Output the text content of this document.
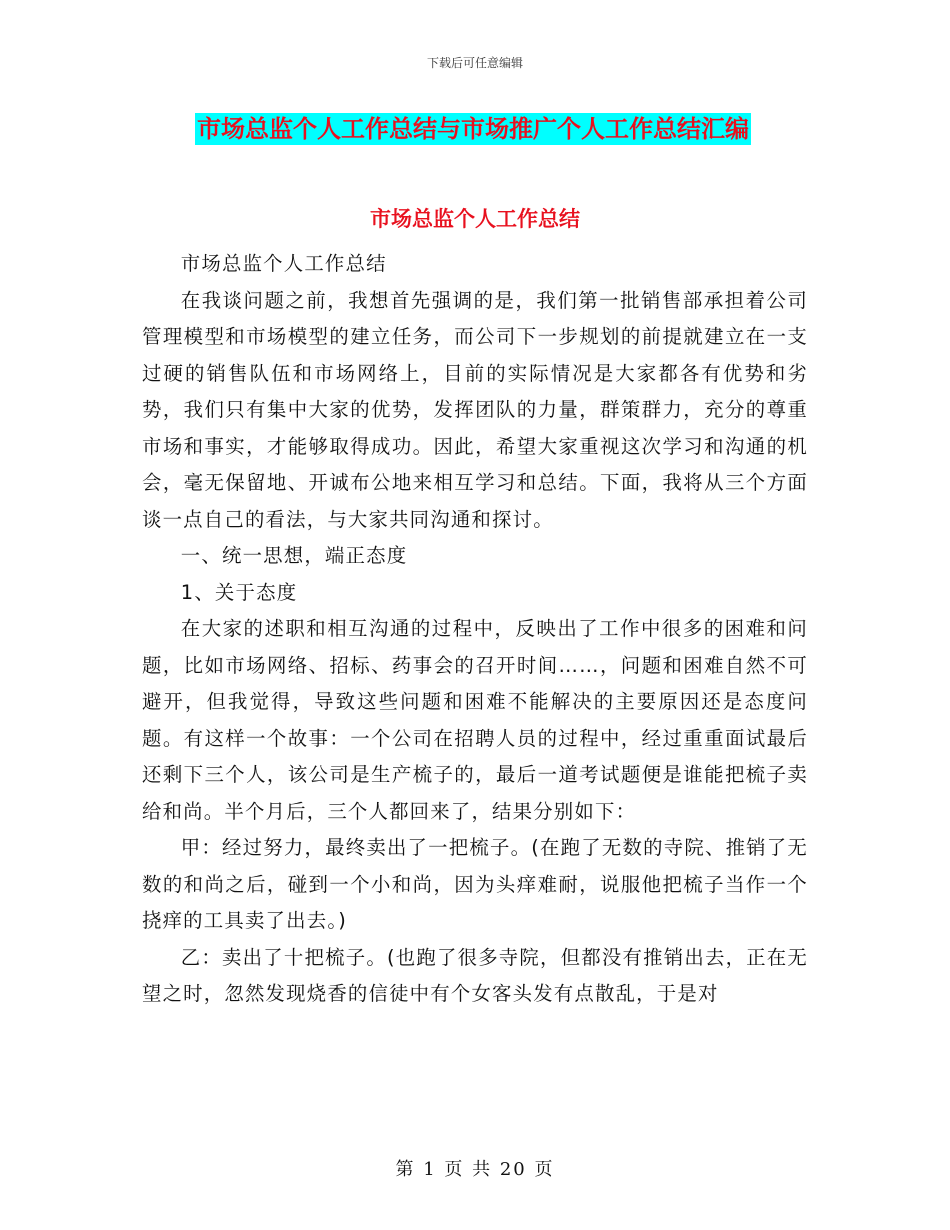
下载后可任意编辑
市场总监个人工作总结与市场推广个人工作总结汇编
市场总监个人工作总结

市场总监个人工作总结

在我谈问题之前，我想首先强调的是，我们第一批销售部承担着公司管理模型和市场模型的建立任务，而公司下一步规划的前提就建立在一支过硬的销售队伍和市场网络上，目前的实际情况是大家都各有优势和劣势，我们只有集中大家的优势，发挥团队的力量，群策群力，充分的尊重市场和事实，才能够取得成功。因此，希望大家重视这次学习和沟通的机会，毫无保留地、开诚布公地来相互学习和总结。下面，我将从三个方面谈一点自己的看法，与大家共同沟通和探讨。

一、统一思想，端正态度

1、关于态度

在大家的述职和相互沟通的过程中，反映出了工作中很多的困难和问题，比如市场网络、招标、药事会的召开时间……，问题和困难自然不可避开，但我觉得，导致这些问题和困难不能解决的主要原因还是态度问题。有这样一个故事：一个公司在招聘人员的过程中，经过重重面试最后还剩下三个人，该公司是生产梳子的，最后一道考试题便是谁能把梳子卖给和尚。半个月后，三个人都回来了，结果分别如下：

甲：经过努力，最终卖出了一把梳子。(在跑了无数的寺院、推销了无数的和尚之后，碰到一个小和尚，因为头痒难耐，说服他把梳子当作一个挠痒的工具卖了出去。)

乙：卖出了十把梳子。(也跑了很多寺院，但都没有推销出去，正在无望之时，忽然发现烧香的信徒中有个女客头发有点散乱，于是对

第 1 页 共 20 页
